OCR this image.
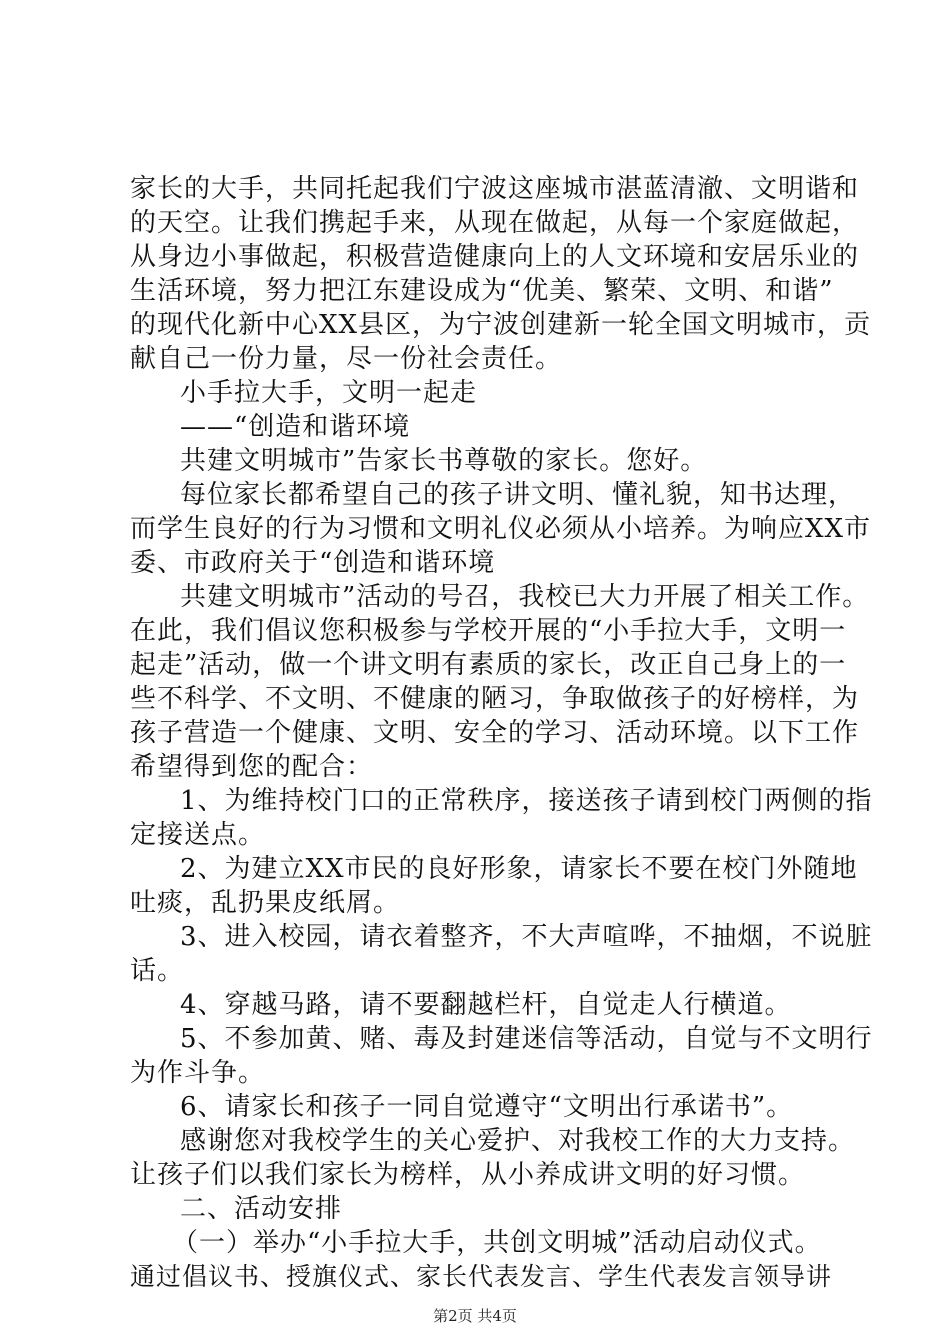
家长的大手，共同托起我们宁波这座城市湛蓝清澈、文明谐和
的天空。让我们携起手来，从现在做起，从每一个家庭做起，
从身边小事做起，积极营造健康向上的人文环境和安居乐业的
生活环境，努力把江东建设成为“优美、繁荣、文明、和谐”
的现代化新中心XX县区，为宁波创建新一轮全国文明城市，贡
献自己一份力量，尽一份社会责任。
小手拉大手，文明一起走
——“创造和谐环境
共建文明城市”告家长书尊敬的家长。您好。
每位家长都希望自己的孩子讲文明、懂礼貌，知书达理，
而学生良好的行为习惯和文明礼仪必须从小培养。为响应XX市
委、市政府关于“创造和谐环境
共建文明城市”活动的号召，我校已大力开展了相关工作。
在此，我们倡议您积极参与学校开展的“小手拉大手，文明一
起走”活动，做一个讲文明有素质的家长，改正自己身上的一
些不科学、不文明、不健康的陋习，争取做孩子的好榜样，为
孩子营造一个健康、文明、安全的学习、活动环境。以下工作
希望得到您的配合：
1、为维持校门口的正常秩序，接送孩子请到校门两侧的指
定接送点。
2、为建立XX市民的良好形象，请家长不要在校门外随地
吐痰，乱扔果皮纸屑。
3、进入校园，请衣着整齐，不大声喧哗，不抽烟，不说脏
话。
4、穿越马路，请不要翻越栏杆，自觉走人行横道。
5、不参加黄、赌、毒及封建迷信等活动，自觉与不文明行
为作斗争。
6、请家长和孩子一同自觉遵守“文明出行承诺书”。
感谢您对我校学生的关心爱护、对我校工作的大力支持。
让孩子们以我们家长为榜样，从小养成讲文明的好习惯。
二、活动安排
（一）举办“小手拉大手，共创文明城”活动启动仪式。
通过倡议书、授旗仪式、家长代表发言、学生代表发言领导讲
第2页 共4页
